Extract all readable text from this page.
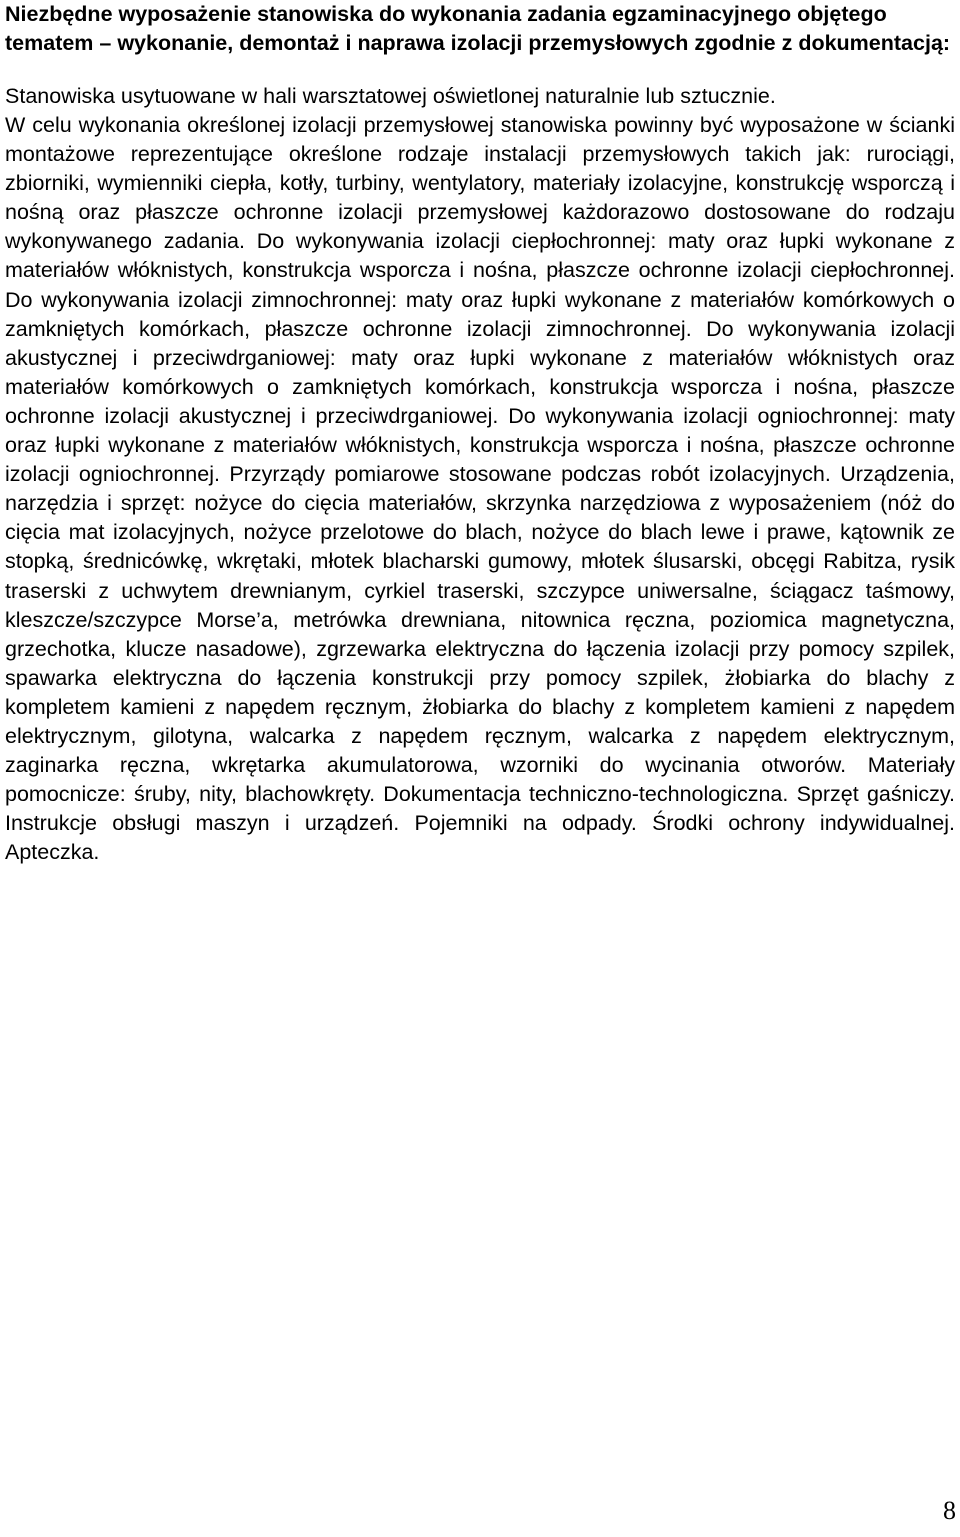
Niezbędne wyposażenie stanowiska do wykonania zadania egzaminacyjnego objętego tematem – wykonanie, demontaż i naprawa izolacji przemysłowych zgodnie z dokumentacją:

Stanowiska usytuowane w hali warsztatowej oświetlonej naturalnie lub sztucznie.

W celu wykonania określonej izolacji przemysłowej stanowiska powinny być wyposażone w ścianki montażowe reprezentujące określone rodzaje instalacji przemysłowych takich jak: rurociągi, zbiorniki, wymienniki ciepła, kotły, turbiny, wentylatory, materiały izolacyjne, konstrukcję wsporczą i nośną oraz płaszcze ochronne izolacji przemysłowej każdorazowo dostosowane do rodzaju wykonywanego zadania. Do wykonywania izolacji ciepłochronnej: maty oraz łupki wykonane z materiałów włóknistych, konstrukcja wsporcza i nośna, płaszcze ochronne izolacji ciepłochronnej. Do wykonywania izolacji zimnochronnej: maty oraz łupki wykonane z materiałów komórkowych o zamkniętych komórkach, płaszcze ochronne izolacji zimnochronnej. Do wykonywania izolacji akustycznej i przeciwdrganiowej: maty oraz łupki wykonane z materiałów włóknistych oraz materiałów komórkowych o zamkniętych komórkach, konstrukcja wsporcza i nośna, płaszcze ochronne izolacji akustycznej i przeciwdrganiowej. Do wykonywania izolacji ogniochronnej: maty oraz łupki wykonane z materiałów włóknistych, konstrukcja wsporcza i nośna, płaszcze ochronne izolacji ogniochronnej. Przyrządy pomiarowe stosowane podczas robót izolacyjnych. Urządzenia, narzędzia i sprzęt: nożyce do cięcia materiałów, skrzynka narzędziowa z wyposażeniem (nóż do cięcia mat izolacyjnych, nożyce przelotowe do blach, nożyce do blach lewe i prawe, kątownik ze stopką, średnicówkę, wkrętaki, młotek blacharski gumowy, młotek ślusarski, obcęgi Rabitza, rysik traserski z uchwytem drewnianym, cyrkiel traserski, szczypce uniwersalne, ściągacz taśmowy, kleszcze/szczypce Morse’a, metrówka drewniana, nitownica ręczna, poziomica magnetyczna, grzechotka, klucze nasadowe), zgrzewarka elektryczna do łączenia izolacji przy pomocy szpilek, spawarka elektryczna do łączenia konstrukcji przy pomocy szpilek, żłobiarka do blachy z kompletem kamieni z napędem ręcznym, żłobiarka do blachy z kompletem kamieni z napędem elektrycznym, gilotyna, walcarka z napędem ręcznym, walcarka z napędem elektrycznym, zaginarka ręczna, wkrętarka akumulatorowa, wzorniki do wycinania otworów. Materiały pomocnicze: śruby, nity, blachowkręty. Dokumentacja techniczno-technologiczna. Sprzęt gaśniczy. Instrukcje obsługi maszyn i urządzeń. Pojemniki na odpady. Środki ochrony indywidualnej. Apteczka.

8
